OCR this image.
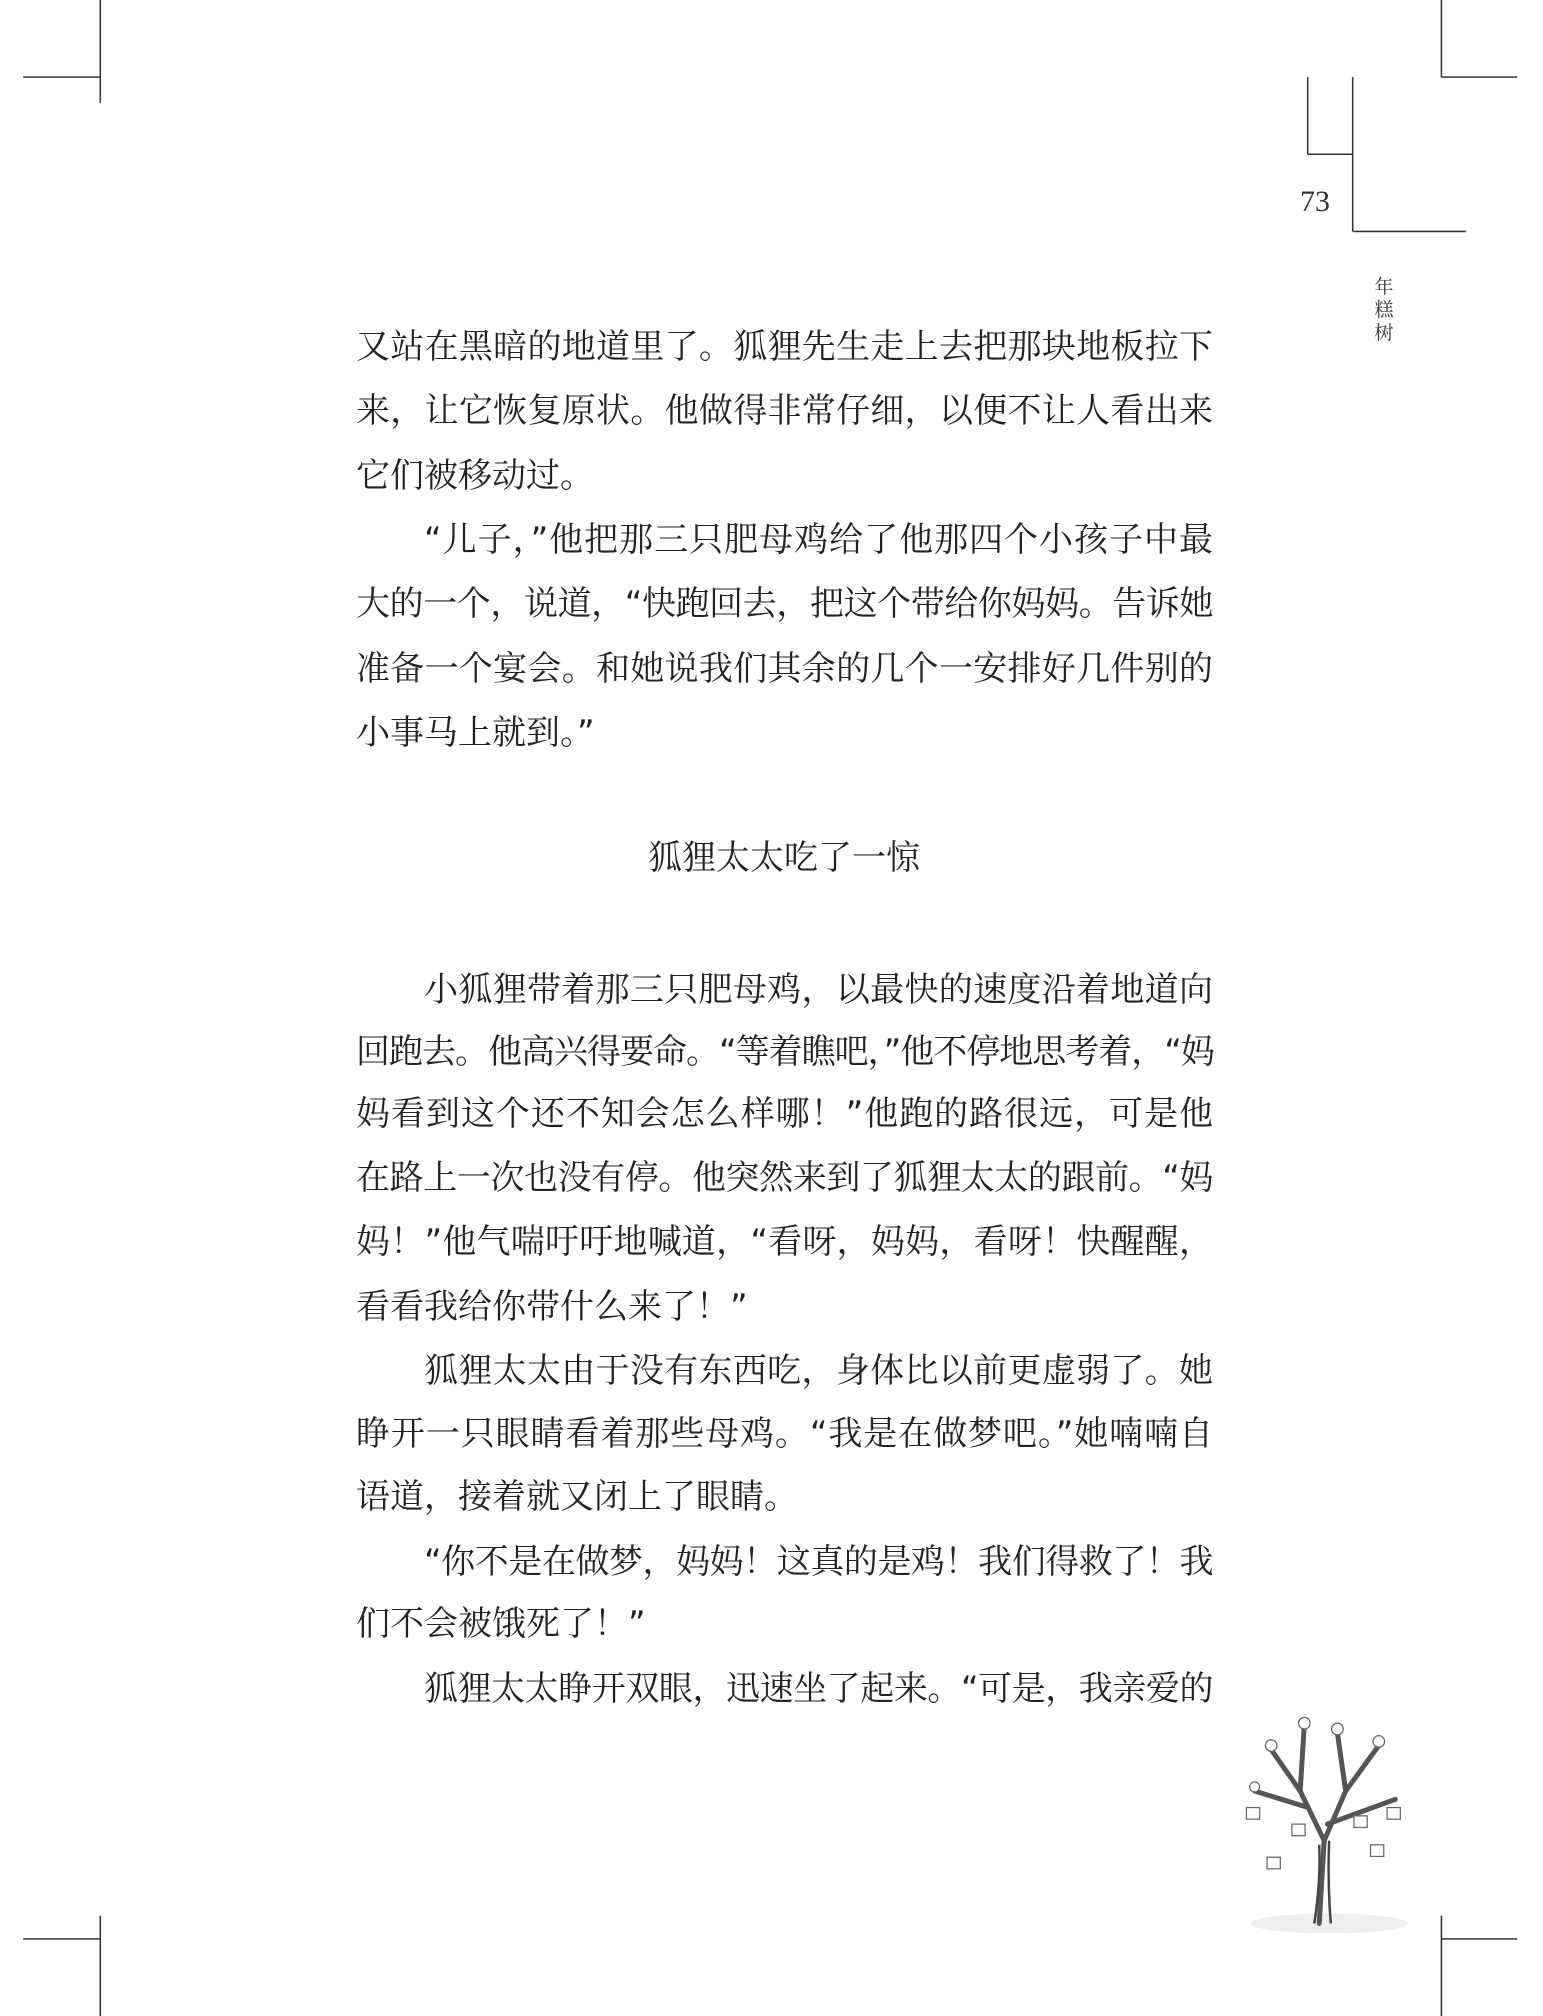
73
年糕树
又站在黑暗的地道里了。狐狸先生走上去把那块地板拉下
来，让它恢复原状。他做得非常仔细，以便不让人看出来
它们被移动过。
“儿子，”他把那三只肥母鸡给了他那四个小孩子中最
大的一个，说道，“快跑回去，把这个带给你妈妈。告诉她
准备一个宴会。和她说我们其余的几个一安排好几件别的
小事马上就到。”
小狐狸带着那三只肥母鸡，以最快的速度沿着地道向
回跑去。他高兴得要命。“等着瞧吧，”他不停地思考着，“妈
妈看到这个还不知会怎么样哪！”他跑的路很远，可是他
在路上一次也没有停。他突然来到了狐狸太太的跟前。“妈
妈！”他气喘吁吁地喊道，“看呀，妈妈，看呀！快醒醒，
看看我给你带什么来了！”
狐狸太太由于没有东西吃，身体比以前更虚弱了。她
睁开一只眼睛看着那些母鸡。“我是在做梦吧。”她喃喃自
语道，接着就又闭上了眼睛。
“你不是在做梦，妈妈！这真的是鸡！我们得救了！我
们不会被饿死了！”
狐狸太太睁开双眼，迅速坐了起来。“可是，我亲爱的
狐狸太太吃了一惊
